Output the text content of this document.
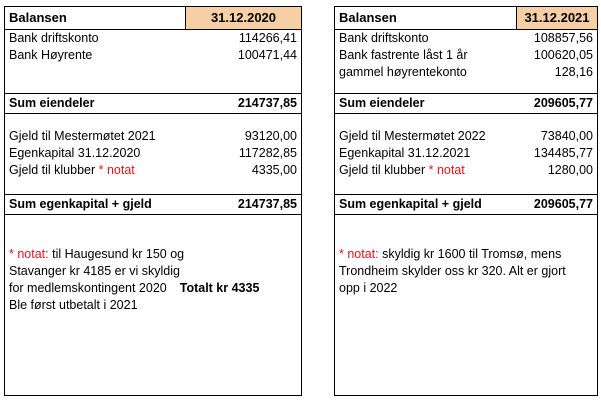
Balansen	31.12.2020
Bank driftskonto	114266,41
Bank Høyrente	100471,44
Sum eiendeler	214737,85
Gjeld til Mestermøtet 2021	93120,00
Egenkapital 31.12.2020	117282,85
Gjeld til klubber * notat	4335,00
Sum egenkapital + gjeld	214737,85
* notat: til Haugesund kr 150 og
Stavanger kr 4185 er vi skyldig
for medlemskontingent 2020 Totalt kr 4335
Ble først utbetalt i 2021
Balansen	31.12.2021
Bank driftskonto	108857,56
Bank fastrente låst 1 år	100620,05
gammel høyrentekonto	128,16
Sum eiendeler	209605,77
Gjeld til Mestermøtet 2022	73840,00
Egenkapital 31.12.2021	134485,77
Gjeld til klubber * notat	1280,00
Sum egenkapital + gjeld	209605,77
* notat: skyldig kr 1600 til Tromsø, mens
Trondheim skylder oss kr 320. Alt er gjort
opp i 2022
